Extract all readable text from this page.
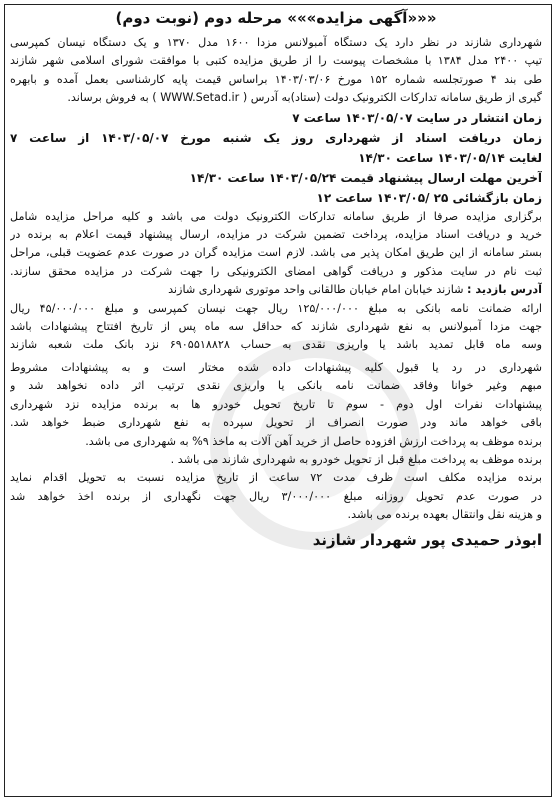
«««آگهی مزایده»»» مرحله دوم (نوبت دوم)
شهرداری شازند در نظر دارد یک دستگاه آمبولانس مزدا ۱۶۰۰ مدل ۱۳۷۰ و یک دستگاه نیسان کمپرسی
تیپ ۲۴۰۰ مدل ۱۳۸۴ با مشخصات پیوست را از طریق مزایده کتبی با موافقت شورای اسلامی شهر شازند
طی بند ۴ صورتجلسه شماره ۱۵۲ مورخ ۱۴۰۳/۰۳/۰۶ براساس قیمت پایه کارشناسی بعمل آمده و بابهره
گیری از طریق سامانه تدارکات الکترونیک دولت (ستاد)به آدرس ( WWW.Setad.ir ) به فروش برساند.
زمان انتشار در سایت ۱۴۰۳/۰۵/۰۷ ساعت ۷
زمان دریافت اسناد از شهرداری روز یک شنبه مورخ ۱۴۰۳/۰۵/۰۷ از ساعت ۷
لغایت ۱۴۰۳/۰۵/۱۴ ساعت ۱۴/۳۰
آخرین مهلت ارسال پیشنهاد قیمت ۱۴۰۳/۰۵/۲۴ ساعت ۱۴/۳۰
زمان بازگشائی ۲۵ /۱۴۰۳/۰۵ ساعت ۱۲
برگزاری مزایده صرفا از طریق سامانه تدارکات الکترونیک دولت می باشد و کلیه مراحل مزایده شامل
خرید و دریافت اسناد مزایده، پرداخت تضمین شرکت در مزایده، ارسال پیشنهاد قیمت اعلام به برنده در
بستر سامانه از این طریق امکان پذیر می باشد. لازم است مزایده گران در صورت عدم عضویت قبلی، مراحل
ثبت نام در سایت مذکور و دریافت گواهی امضای الکترونیکی را جهت شرکت در مزایده محقق سازند.
آدرس بازدید : شازند خیابان امام خیابان طالقانی واحد موتوری شهرداری شازند
ارائه ضمانت نامه بانکی به مبلغ ۱۲۵/۰۰۰/۰۰۰ ریال جهت نیسان کمپرسی و مبلغ ۴۵/۰۰۰/۰۰۰ ریال
جهت مزدا آمبولانس به نفع شهرداری شازند که حداقل سه ماه پس از تاریخ افتتاح پیشنهادات باشد
وسه ماه قابل تمدید باشد یا واریزی نقدی به حساب ۶۹۰۵۵۱۸۸۲۸ نزد بانک ملت شعبه شازند
شهرداری در رد یا قبول کلیه پیشنهادات داده شده مختار است و به پیشنهادات مشروط
مبهم وغیر خوانا وفاقد ضمانت نامه بانکی یا واریزی نقدی ترتیب اثر داده نخواهد شد و
پیشنهادات نفرات اول دوم - سوم تا تاریخ تحویل خودرو ها به برنده مزایده نزد شهرداری
باقی خواهد ماند ودر صورت انصراف از تحویل سپرده به نفع شهرداری ضبط خواهد شد.
برنده موظف به پرداخت ارزش افزوده حاصل از خرید آهن آلات به ماخذ ۹% به شهرداری می باشد.
برنده موظف به پرداخت مبلغ قبل از تحویل خودرو به شهرداری شازند می باشد .
برنده مزایده مکلف است ظرف مدت ۷۲ ساعت از تاریخ مزایده نسبت به تحویل اقدام نماید
در صورت عدم تحویل روزانه مبلغ ۳/۰۰۰/۰۰۰ ریال جهت نگهداری از برنده اخذ خواهد شد
و هزینه نقل وانتقال بعهده برنده می باشد.
ابوذر حمیدی پور شهردار شازند
